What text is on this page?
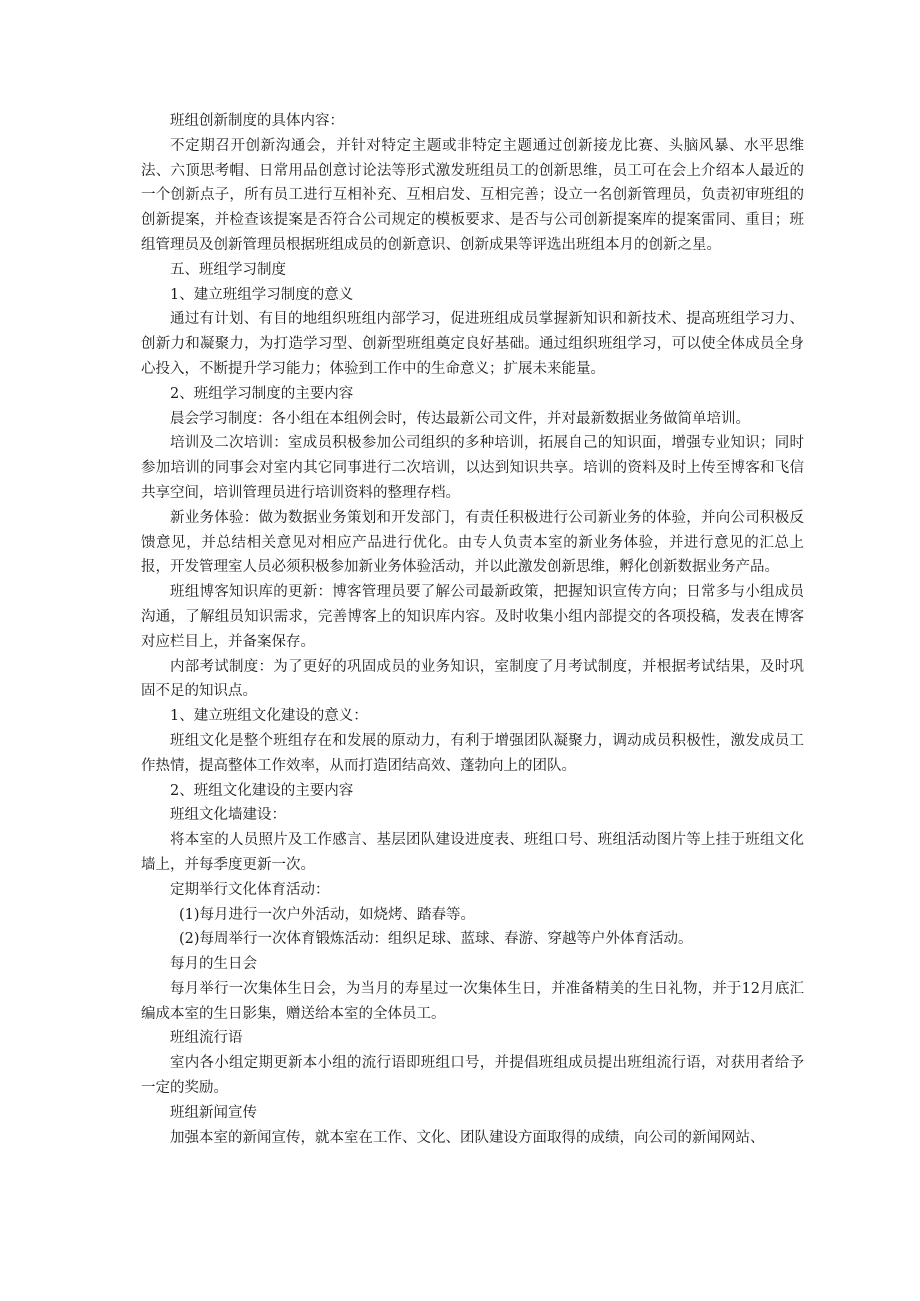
班组创新制度的具体内容：

不定期召开创新沟通会，并针对特定主题或非特定主题通过创新接龙比赛、头脑风暴、水平思维法、六顶思考帽、日常用品创意讨论法等形式激发班组员工的创新思维，员工可在会上介绍本人最近的一个创新点子，所有员工进行互相补充、互相启发、互相完善；设立一名创新管理员，负责初审班组的创新提案，并检查该提案是否符合公司规定的模板要求、是否与公司创新提案库的提案雷同、重目；班组管理员及创新管理员根据班组成员的创新意识、创新成果等评选出班组本月的创新之星。

五、班组学习制度

1、建立班组学习制度的意义

通过有计划、有目的地组织班组内部学习，促进班组成员掌握新知识和新技术、提高班组学习力、创新力和凝聚力，为打造学习型、创新型班组奠定良好基础。通过组织班组学习，可以使全体成员全身心投入，不断提升学习能力；体验到工作中的生命意义；扩展未来能量。

2、班组学习制度的主要内容

晨会学习制度：各小组在本组例会时，传达最新公司文件，并对最新数据业务做简单培训。

培训及二次培训：室成员积极参加公司组织的多种培训，拓展自己的知识面，增强专业知识；同时参加培训的同事会对室内其它同事进行二次培训，以达到知识共享。培训的资料及时上传至博客和飞信共享空间，培训管理员进行培训资料的整理存档。

新业务体验：做为数据业务策划和开发部门，有责任积极进行公司新业务的体验，并向公司积极反馈意见，并总结相关意见对相应产品进行优化。由专人负责本室的新业务体验，并进行意见的汇总上报，开发管理室人员必须积极参加新业务体验活动，并以此激发创新思维，孵化创新数据业务产品。

班组博客知识库的更新：博客管理员要了解公司最新政策，把握知识宣传方向；日常多与小组成员沟通，了解组员知识需求，完善博客上的知识库内容。及时收集小组内部提交的各项投稿，发表在博客对应栏目上，并备案保存。

内部考试制度：为了更好的巩固成员的业务知识，室制度了月考试制度，并根据考试结果，及时巩固不足的知识点。

1、建立班组文化建设的意义：

班组文化是整个班组存在和发展的原动力，有利于增强团队凝聚力，调动成员积极性，激发成员工作热情，提高整体工作效率，从而打造团结高效、蓬勃向上的团队。

2、班组文化建设的主要内容

班组文化墙建设：

将本室的人员照片及工作感言、基层团队建设进度表、班组口号、班组活动图片等上挂于班组文化墙上，并每季度更新一次。

定期举行文化体育活动：

(1)每月进行一次户外活动，如烧烤、踏春等。

(2)每周举行一次体育锻炼活动：组织足球、蓝球、春游、穿越等户外体育活动。

每月的生日会

每月举行一次集体生日会，为当月的寿星过一次集体生日，并准备精美的生日礼物，并于12月底汇编成本室的生日影集，赠送给本室的全体员工。

班组流行语

室内各小组定期更新本小组的流行语即班组口号，并提倡班组成员提出班组流行语，对获用者给予一定的奖励。

班组新闻宣传

加强本室的新闻宣传，就本室在工作、文化、团队建设方面取得的成绩，向公司的新闻网站、
